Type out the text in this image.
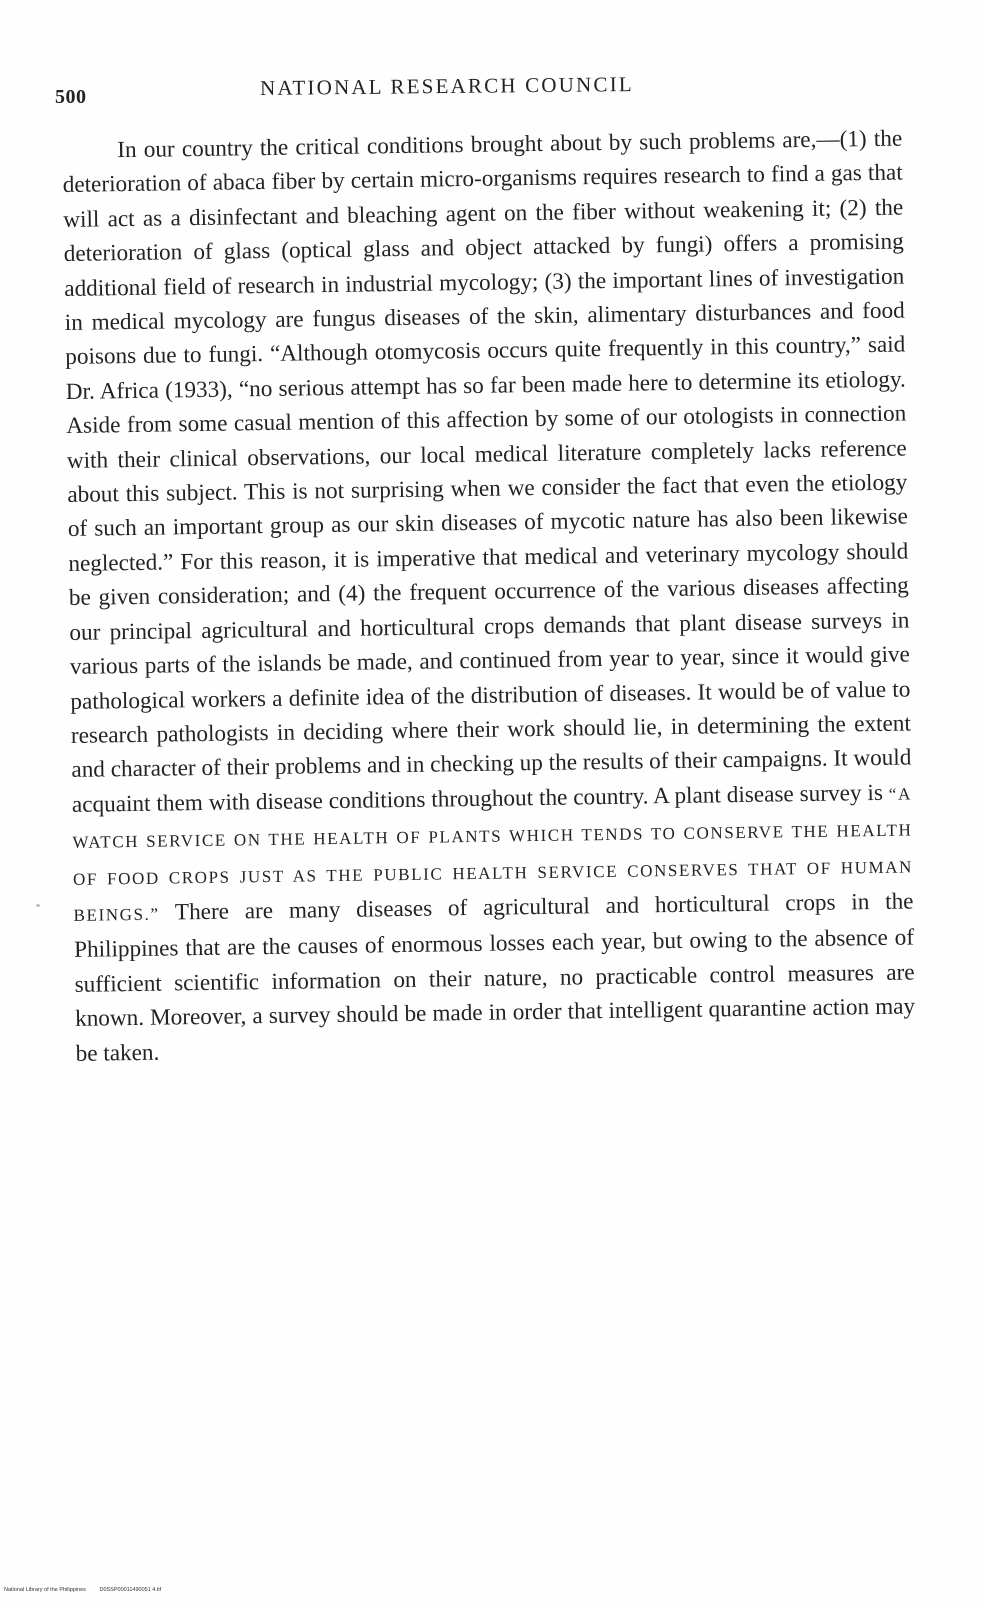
500	NATIONAL RESEARCH COUNCIL

In our country the critical conditions brought about by such problems are,—(1) the deterioration of abaca fiber by certain micro-organisms requires research to find a gas that will act as a disinfectant and bleaching agent on the fiber without weakening it; (2) the deterioration of glass (optical glass and object attacked by fungi) offers a promising additional field of research in industrial mycology; (3) the important lines of investigation in medical mycology are fungus diseases of the skin, alimentary disturbances and food poisons due to fungi. “Although otomycosis occurs quite frequently in this country,” said Dr. Africa (1933), “no serious attempt has so far been made here to determine its etiology. Aside from some casual mention of this affection by some of our otologists in connection with their clinical observations, our local medical literature completely lacks reference about this subject. This is not surprising when we consider the fact that even the etiology of such an important group as our skin diseases of mycotic nature has also been likewise neglected.” For this reason, it is imperative that medical and veterinary mycology should be given consideration; and (4) the frequent occurrence of the various diseases affecting our principal agricultural and horticultural crops demands that plant disease surveys in various parts of the islands be made, and continued from year to year, since it would give pathological workers a definite idea of the distribution of diseases. It would be of value to research pathologists in deciding where their work should lie, in determining the extent and character of their problems and in checking up the results of their campaigns. It would acquaint them with disease conditions throughout the country. A plant disease survey is “A WATCH SERVICE ON THE HEALTH OF PLANTS WHICH TENDS TO CONSERVE THE HEALTH OF FOOD CROPS JUST AS THE PUBLIC HEALTH SERVICE CONSERVES THAT OF HUMAN BEINGS.” There are many diseases of agricultural and horticultural crops in the Philippines that are the causes of enormous losses each year, but owing to the absence of sufficient scientific information on their nature, no practicable control measures are known. Moreover, a survey should be made in order that intelligent quarantine action may be taken.

National Library of the Philippines D0SSP00011490051 4.tif
